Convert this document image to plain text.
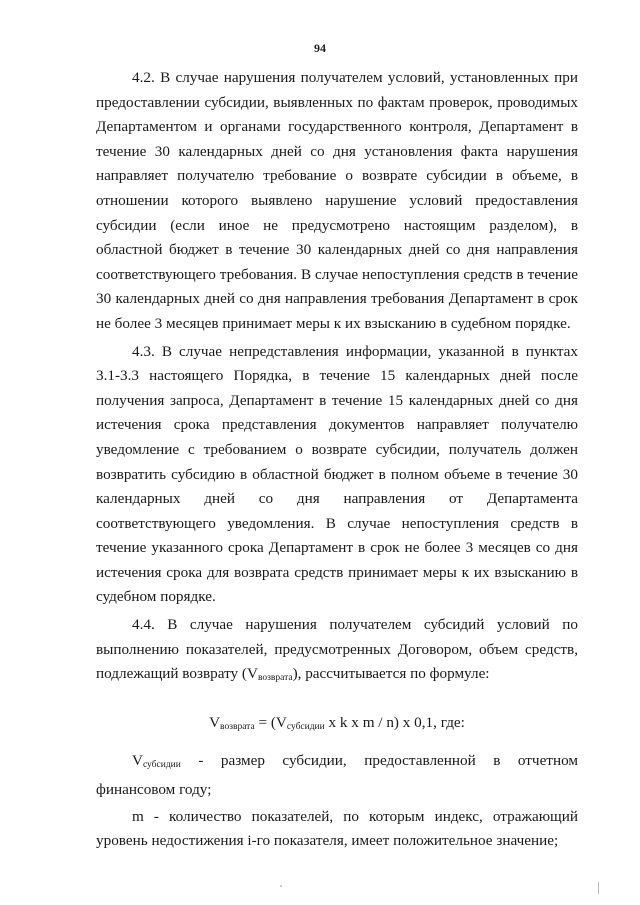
94

4.2. В случае нарушения получателем условий, установленных при предоставлении субсидии, выявленных по фактам проверок, проводимых Департаментом и органами государственного контроля, Департамент в течение 30 календарных дней со дня установления факта нарушения направляет получателю требование о возврате субсидии в объеме, в отношении которого выявлено нарушение условий предоставления субсидии (если иное не предусмотрено настоящим разделом), в областной бюджет в течение 30 календарных дней со дня направления соответствующего требования. В случае непоступления средств в течение 30 календарных дней со дня направления требования Департамент в срок не более 3 месяцев принимает меры к их взысканию в судебном порядке.

4.3. В случае непредставления информации, указанной в пунктах 3.1-3.3 настоящего Порядка, в течение 15 календарных дней после получения запроса, Департамент в течение 15 календарных дней со дня истечения срока представления документов направляет получателю уведомление с требованием о возврате субсидии, получатель должен возвратить субсидию в областной бюджет в полном объеме в течение 30 календарных дней со дня направления от Департамента соответствующего уведомления. В случае непоступления средств в течение указанного срока Департамент в срок не более 3 месяцев со дня истечения срока для возврата средств принимает меры к их взысканию в судебном порядке.

4.4. В случае нарушения получателем субсидий условий по выполнению показателей, предусмотренных Договором, объем средств, подлежащий возврату $(V_{возврата})$, рассчитывается по формуле:

$V_{возврата} = (V_{субсидии}$ x k x m / n) x 0,1, где:

$V_{субсидии}$ - размер субсидии, предоставленной в отчетном финансовом году;

m - количество показателей, по которым индекс, отражающий уровень недостижения i-го показателя, имеет положительное значение;
